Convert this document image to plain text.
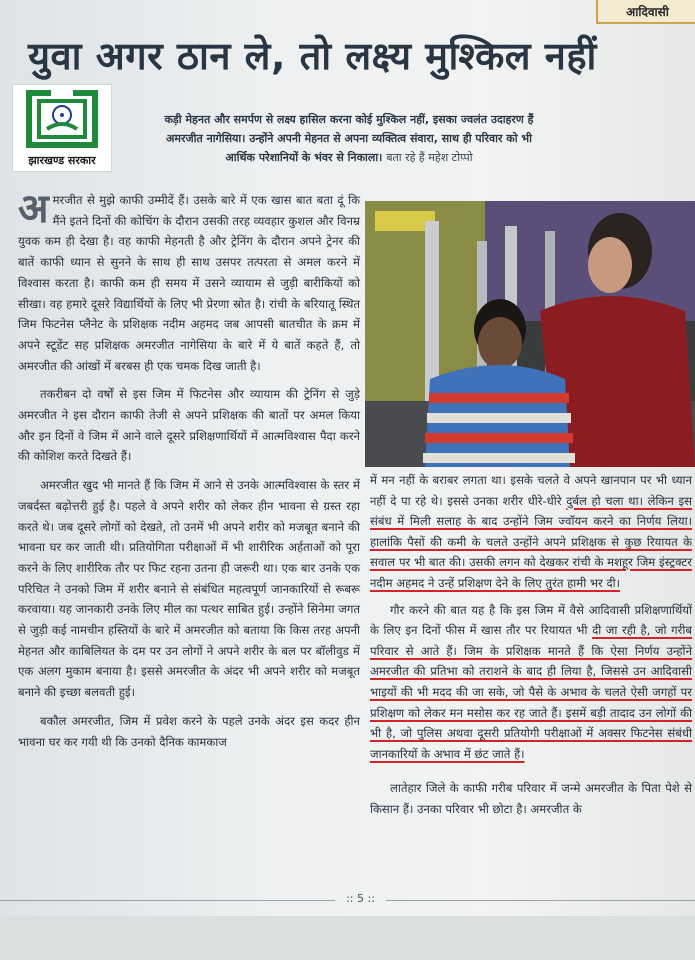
आदिवासी
युवा अगर ठान ले, तो लक्ष्य मुश्किल नहीं
झारखण्ड सरकार
कड़ी मेहनत और समर्पण से लक्ष्य हासिल करना कोई मुश्किल नहीं, इसका ज्वलंत उदाहरण हैं
अमरजीत नागेसिया। उन्होंने अपनी मेहनत से अपना व्यक्तित्व संवारा, साथ ही परिवार को भी
आर्थिक परेशानियों के भंवर से निकाला। बता रहे हैं महेश टोप्पो

अमरजीत से मुझे काफी उम्मीदें हैं। उसके बारे में एक खास बात बता दूं कि मैंने इतने दिनों की कोचिंग के दौरान उसकी तरह व्यवहार कुशल और विनम्र युवक कम ही देखा है। वह काफी मेहनती है और ट्रेनिंग के दौरान अपने ट्रेनर की बातें काफी ध्यान से सुनने के साथ ही साथ उसपर तत्परता से अमल करने में विश्वास करता है। काफी कम ही समय में उसने व्यायाम से जुड़ी बारीकियों को सीखा। वह हमारे दूसरे विद्यार्थियों के लिए भी प्रेरणा स्रोत है। रांची के बरियातू स्थित जिम फिटनेस प्लैनेट के प्रशिक्षक नदीम अहमद जब आपसी बातचीत के क्रम में अपने स्टूडेंट सह प्रशिक्षक अमरजीत नागेसिया के बारे में ये बातें कहते हैं, तो अमरजीत की आंखों में बरबस ही एक चमक दिख जाती है।

तकरीबन दो वर्षों से इस जिम में फिटनेस और व्यायाम की ट्रेनिंग से जुड़े अमरजीत ने इस दौरान काफी तेजी से अपने प्रशिक्षक की बातों पर अमल किया और इन दिनों वे जिम में आने वाले दूसरे प्रशिक्षणार्थियों में आत्मविश्वास पैदा करने की कोशिश करते दिखते हैं।

अमरजीत खुद भी मानते हैं कि जिम में आने से उनके आत्मविश्वास के स्तर में जबर्दस्त बढ़ोत्तरी हुई है। पहले वे अपने शरीर को लेकर हीन भावना से ग्रस्त रहा करते थे। जब दूसरे लोगों को देखते, तो उनमें भी अपने शरीर को मजबूत बनाने की भावना घर कर जाती थी। प्रतियोगिता परीक्षाओं में भी शारीरिक अर्हताओं को पूरा करने के लिए शारीरिक तौर पर फिट रहना उतना ही जरूरी था। एक बार उनके एक परिचित ने उनको जिम में शरीर बनाने से संबंधित महत्वपूर्ण जानकारियों से रूबरू करवाया। यह जानकारी उनके लिए मील का पत्थर साबित हुई। उन्होंने सिनेमा जगत से जुड़ी कई नामचीन हस्तियों के बारे में अमरजीत को बताया कि किस तरह अपनी मेहनत और काबिलियत के दम पर उन लोगों ने अपने शरीर के बल पर बॉलीवुड में एक अलग मुकाम बनाया है। इससे अमरजीत के अंदर भी अपने शरीर को मजबूत बनाने की इच्छा बलवती हुई।

बकौल अमरजीत, जिम में प्रवेश करने के पहले उनके अंदर इस कदर हीन भावना घर कर गयी थी कि उनको दैनिक कामकाज

में मन नहीं के बराबर लगता था। इसके चलते वे अपने खानपान पर भी ध्यान नहीं दे पा रहे थे। इससे उनका शरीर धीरे-धीरे दुर्बल हो चला था। लेकिन इस संबंध में मिली सलाह के बाद उन्होंने जिम ज्वॉयन करने का निर्णय लिया। हालांकि पैसों की कमी के चलते उन्होंने अपने प्रशिक्षक से कुछ रियायत के सवाल पर भी बात की। उसकी लगन को देखकर रांची के मशहूर जिम इंस्ट्रक्टर नदीम अहमद ने उन्हें प्रशिक्षण देने के लिए तुरंत हामी भर दी।

गौर करने की बात यह है कि इस जिम में वैसे आदिवासी प्रशिक्षणार्थियों के लिए इन दिनों फीस में खास तौर पर रियायत भी दी जा रही है, जो गरीब परिवार से आते हैं। जिम के प्रशिक्षक मानते हैं कि ऐसा निर्णय उन्होंने अमरजीत की प्रतिभा को तराशने के बाद ही लिया है, जिससे उन आदिवासी भाइयों की भी मदद की जा सके, जो पैसे के अभाव के चलते ऐसी जगहों पर प्रशिक्षण को लेकर मन मसोस कर रह जाते हैं। इसमें बड़ी तादाद उन लोगों की भी है, जो पुलिस अथवा दूसरी प्रतियोगी परीक्षाओं में अक्सर फिटनेस संबंधी जानकारियों के अभाव में छंट जाते हैं।

लातेहार जिले के काफी गरीब परिवार में जन्मे अमरजीत के पिता पेशे से किसान हैं। उनका परिवार भी छोटा है। अमरजीत के

:: 5 ::
